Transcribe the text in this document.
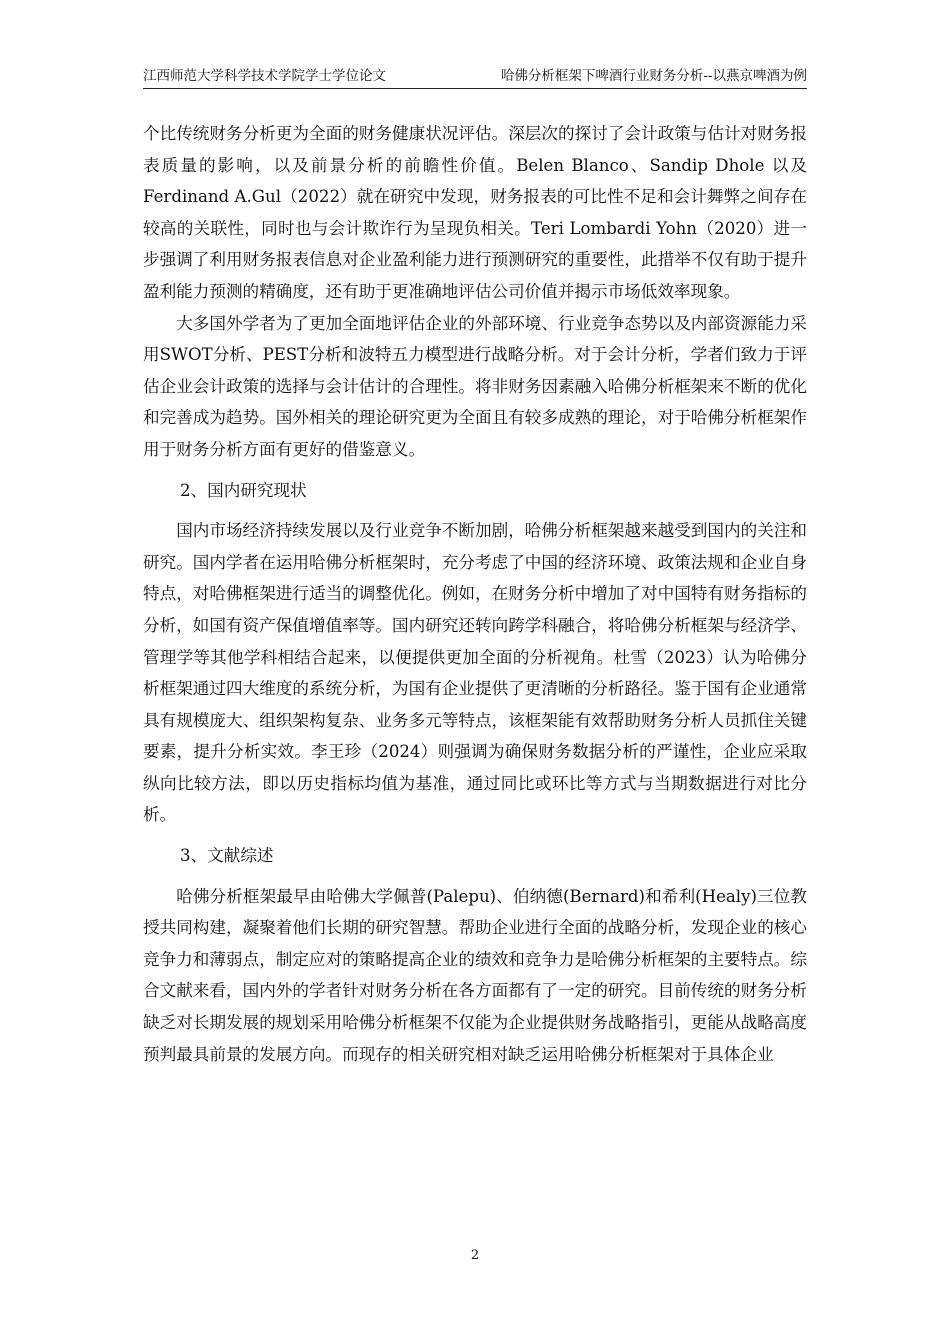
江西师范大学科学技术学院学士学位论文	哈佛分析框架下啤酒行业财务分析--以燕京啤酒为例

个比传统财务分析更为全面的财务健康状况评估。深层次的探讨了会计政策与估计对财务报表质量的影响，以及前景分析的前瞻性价值。Belen Blanco、Sandip Dhole 以及 Ferdinand A.Gul（2022）就在研究中发现，财务报表的可比性不足和会计舞弊之间存在较高的关联性，同时也与会计欺诈行为呈现负相关。Teri Lombardi Yohn（2020）进一步强调了利用财务报表信息对企业盈利能力进行预测研究的重要性，此措举不仅有助于提升盈利能力预测的精确度，还有助于更准确地评估公司价值并揭示市场低效率现象。

大多国外学者为了更加全面地评估企业的外部环境、行业竞争态势以及内部资源能力采用SWOT分析、PEST分析和波特五力模型进行战略分析。对于会计分析，学者们致力于评估企业会计政策的选择与会计估计的合理性。将非财务因素融入哈佛分析框架来不断的优化和完善成为趋势。国外相关的理论研究更为全面且有较多成熟的理论，对于哈佛分析框架作用于财务分析方面有更好的借鉴意义。

2、国内研究现状

国内市场经济持续发展以及行业竞争不断加剧，哈佛分析框架越来越受到国内的关注和研究。国内学者在运用哈佛分析框架时，充分考虑了中国的经济环境、政策法规和企业自身特点，对哈佛框架进行适当的调整优化。例如，在财务分析中增加了对中国特有财务指标的分析，如国有资产保值增值率等。国内研究还转向跨学科融合，将哈佛分析框架与经济学、管理学等其他学科相结合起来，以便提供更加全面的分析视角。杜雪（2023）认为哈佛分析框架通过四大维度的系统分析，为国有企业提供了更清晰的分析路径。鉴于国有企业通常具有规模庞大、组织架构复杂、业务多元等特点，该框架能有效帮助财务分析人员抓住关键要素，提升分析实效。李王珍（2024）则强调为确保财务数据分析的严谨性，企业应采取纵向比较方法，即以历史指标均值为基准，通过同比或环比等方式与当期数据进行对比分析。

3、文献综述

哈佛分析框架最早由哈佛大学佩普(Palepu)、伯纳德(Bernard)和希利(Healy)三位教授共同构建，凝聚着他们长期的研究智慧。帮助企业进行全面的战略分析，发现企业的核心竞争力和薄弱点，制定应对的策略提高企业的绩效和竞争力是哈佛分析框架的主要特点。综合文献来看，国内外的学者针对财务分析在各方面都有了一定的研究。目前传统的财务分析缺乏对长期发展的规划采用哈佛分析框架不仅能为企业提供财务战略指引，更能从战略高度预判最具前景的发展方向。而现存的相关研究相对缺乏运用哈佛分析框架对于具体企业

2
